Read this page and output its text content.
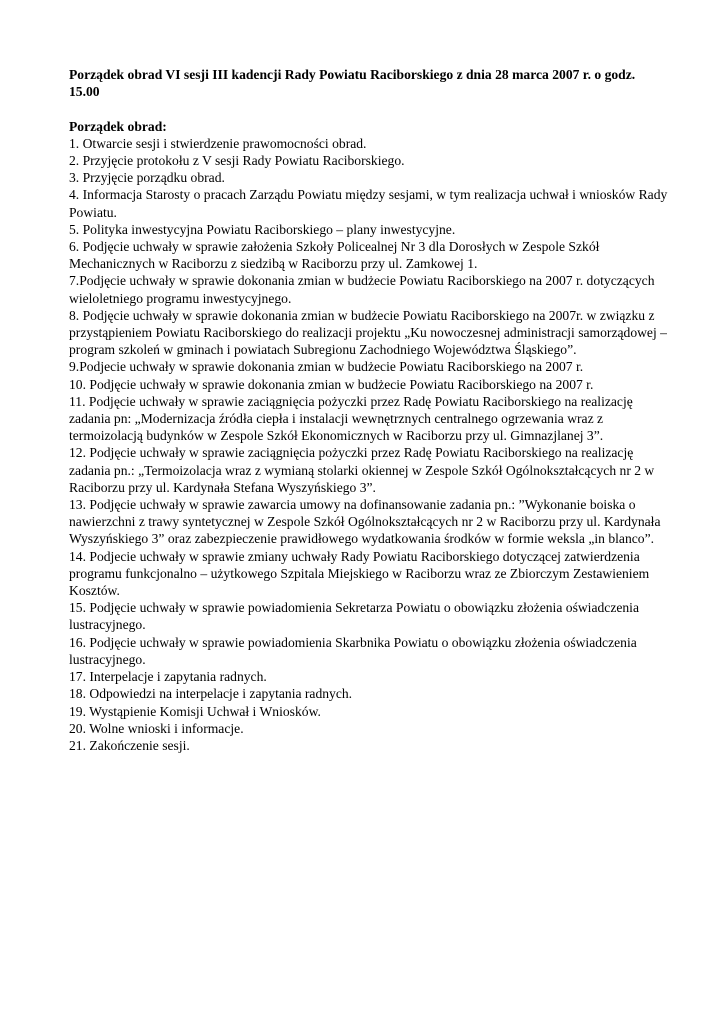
Porządek obrad VI sesji III kadencji Rady Powiatu Raciborskiego z dnia 28 marca 2007 r. o godz. 15.00

Porządek obrad:

1. Otwarcie sesji i stwierdzenie prawomocności obrad.

2. Przyjęcie protokołu z V sesji Rady Powiatu Raciborskiego.

3. Przyjęcie porządku obrad.

4. Informacja Starosty o pracach Zarządu Powiatu między sesjami, w tym realizacja uchwał i wniosków Rady Powiatu.

5. Polityka inwestycyjna Powiatu Raciborskiego – plany inwestycyjne.

6. Podjęcie uchwały w sprawie założenia Szkoły Policealnej Nr 3 dla Dorosłych w Zespole Szkół Mechanicznych w Raciborzu z siedzibą w Raciborzu przy ul. Zamkowej 1.

7.Podjęcie uchwały w sprawie dokonania zmian w budżecie Powiatu Raciborskiego na 2007 r. dotyczących wieloletniego programu inwestycyjnego.

8. Podjęcie uchwały w sprawie dokonania zmian w budżecie Powiatu Raciborskiego na 2007r. w związku z przystąpieniem Powiatu Raciborskiego do realizacji projektu „Ku nowoczesnej administracji samorządowej – program szkoleń w gminach i powiatach Subregionu Zachodniego Województwa Śląskiego”.

9.Podjecie uchwały w sprawie dokonania zmian w budżecie Powiatu Raciborskiego na 2007 r.

10. Podjęcie uchwały w sprawie dokonania zmian w budżecie Powiatu Raciborskiego na 2007 r.

11. Podjęcie uchwały w sprawie zaciągnięcia pożyczki przez Radę Powiatu Raciborskiego na realizację zadania pn: „Modernizacja źródła ciepła i instalacji wewnętrznych centralnego ogrzewania wraz z termoizolacją budynków w Zespole Szkół Ekonomicznych w Raciborzu przy ul. Gimnazjlanej 3”.

12. Podjęcie uchwały w sprawie zaciągnięcia pożyczki przez Radę Powiatu Raciborskiego na realizację zadania pn.: „Termoizolacja wraz z wymianą stolarki okiennej w Zespole Szkół Ogólnokształcących nr 2 w Raciborzu przy ul. Kardynała Stefana Wyszyńskiego 3”.

13. Podjęcie uchwały w sprawie zawarcia umowy na dofinansowanie zadania pn.: ”Wykonanie boiska o nawierzchni z trawy syntetycznej w Zespole Szkół Ogólnokształcących nr 2 w Raciborzu przy ul. Kardynała Wyszyńskiego 3” oraz zabezpieczenie prawidłowego wydatkowania środków w formie weksla „in blanco”. 14. Podjecie uchwały w sprawie zmiany uchwały Rady Powiatu Raciborskiego dotyczącej zatwierdzenia programu funkcjonalno – użytkowego Szpitala Miejskiego w Raciborzu wraz ze Zbiorczym Zestawieniem Kosztów.

15. Podjęcie uchwały w sprawie powiadomienia Sekretarza Powiatu o obowiązku złożenia oświadczenia lustracyjnego.

16. Podjęcie uchwały w sprawie powiadomienia Skarbnika Powiatu o obowiązku złożenia oświadczenia lustracyjnego.

17. Interpelacje i zapytania radnych.

18. Odpowiedzi na interpelacje i zapytania radnych.

19. Wystąpienie Komisji Uchwał i Wniosków.

20. Wolne wnioski i informacje.

21. Zakończenie sesji.
